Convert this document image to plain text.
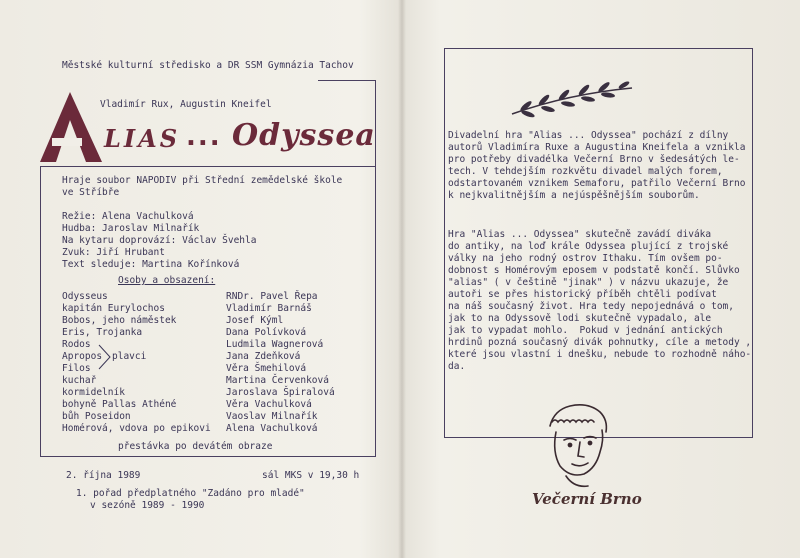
Městské kulturní středisko a DR SSM Gymnázia Tachov
Vladimír Rux, Augustin Kneifel
LIAS ... Odyssea
Hraje soubor NAPODIV při Střední zemědelské škole
ve Stříbře
Režie: Alena Vachulková
Hudba: Jaroslav Milnařík
Na kytaru doprovází: Václav Švehla
Zvuk: Jiří Hrubant
Text sleduje: Martina Kořínková
Osoby a obsazení:
Odysseus	RNDr. Pavel Řepa
kapitán Eurylochos	Vladimír Barnáš
Bobos, jeho náměstek	Josef Kýml
Eris, Trojanka	Dana Polívková
Rodos	Ludmila Wagnerová
Apropos	Jana Zdeňková
Filos	Věra Šmehilová
kuchař	Martina Červenková
kormidelník	Jaroslava Špiralová
bohyně Pallas Athéné	Věra Vachulková
bůh Poseidon	Vaoslav Milnařík
Homérová, vdova po epikovi Alena Vachulková
plavci
přestávka po devátém obraze
2. října 1989	sál MKS v 19,30 h
1. pořad předplatného "Zadáno pro mladé"
v sezóně 1989 - 1990
Divadelní hra "Alias ... Odyssea" pochází z dílny
autorů Vladimíra Ruxe a Augustina Kneifela a vznikla
pro potřeby divadélka Večerní Brno v šedesátých le-
tech. V tehdejším rozkvětu divadel malých forem,
odstartovaném vznikem Semaforu, patřilo Večerní Brno
k nejkvalitnějším a nejúspěšnějším souborům.
Hra "Alias ... Odyssea" skutečně zavádí diváka
do antiky, na loď krále Odyssea plující z trojské
války na jeho rodný ostrov Ithaku. Tím ovšem po-
dobnost s Homérovým eposem v podstatě končí. Slůvko
"alias" ( v češtině "jinak" ) v názvu ukazuje, že
autoři se přes historický příběh chtěli podívat
na náš současný život. Hra tedy nepojednává o tom,
jak to na Odyssově lodi skutečně vypadalo, ale
jak to vypadat mohlo.  Pokud v jednání antických
hrdinů pozná současný divák pohnutky, cíle a metody ,
které jsou vlastní i dnešku, nebude to rozhodně náho-
da.
Večerní Brno
